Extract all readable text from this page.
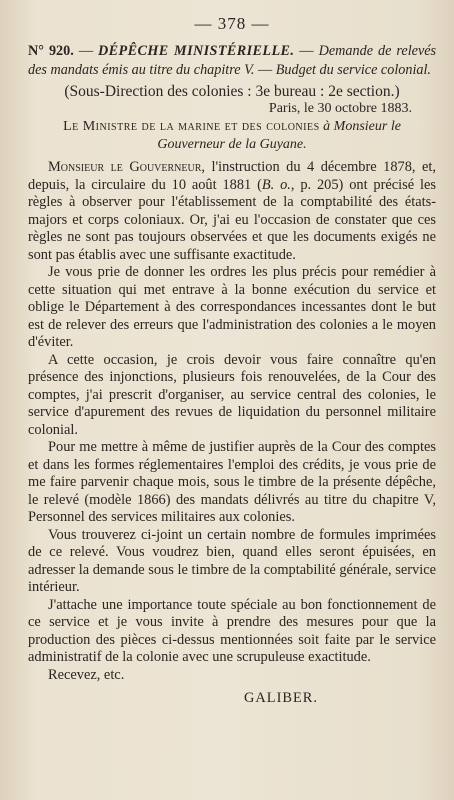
— 378 —

N° 920. — DÉPÊCHE MINISTÉRIELLE. — Demande de relevés des mandats émis au titre du chapitre V. — Budget du service colonial.

(Sous-Direction des colonies : 3e bureau : 2e section.)

Paris, le 30 octobre 1883.

Le Ministre de la marine et des colonies à Monsieur le Gouverneur de la Guyane.

Monsieur le Gouverneur, l'instruction du 4 décembre 1878, et, depuis, la circulaire du 10 août 1881 (B. o., p. 205) ont précisé les règles à observer pour l'établissement de la comptabilité des états-majors et corps coloniaux. Or, j'ai eu l'occasion de constater que ces règles ne sont pas toujours observées et que les documents exigés ne sont pas établis avec une suffisante exactitude.

Je vous prie de donner les ordres les plus précis pour remédier à cette situation qui met entrave à la bonne exécution du service et oblige le Département à des correspondances incessantes dont le but est de relever des erreurs que l'administration des colonies a le moyen d'éviter.

A cette occasion, je crois devoir vous faire connaître qu'en présence des injonctions, plusieurs fois renouvelées, de la Cour des comptes, j'ai prescrit d'organiser, au service central des colonies, le service d'apurement des revues de liquidation du personnel militaire colonial.

Pour me mettre à même de justifier auprès de la Cour des comptes et dans les formes réglementaires l'emploi des crédits, je vous prie de me faire parvenir chaque mois, sous le timbre de la présente dépêche, le relevé (modèle 1866) des mandats délivrés au titre du chapitre V, Personnel des services militaires aux colonies.

Vous trouverez ci-joint un certain nombre de formules imprimées de ce relevé. Vous voudrez bien, quand elles seront épuisées, en adresser la demande sous le timbre de la comptabilité générale, service intérieur.

J'attache une importance toute spéciale au bon fonctionnement de ce service et je vous invite à prendre des mesures pour que la production des pièces ci-dessus mentionnées soit faite par le service administratif de la colonie avec une scrupuleuse exactitude.

Recevez, etc.

GALIBER.
